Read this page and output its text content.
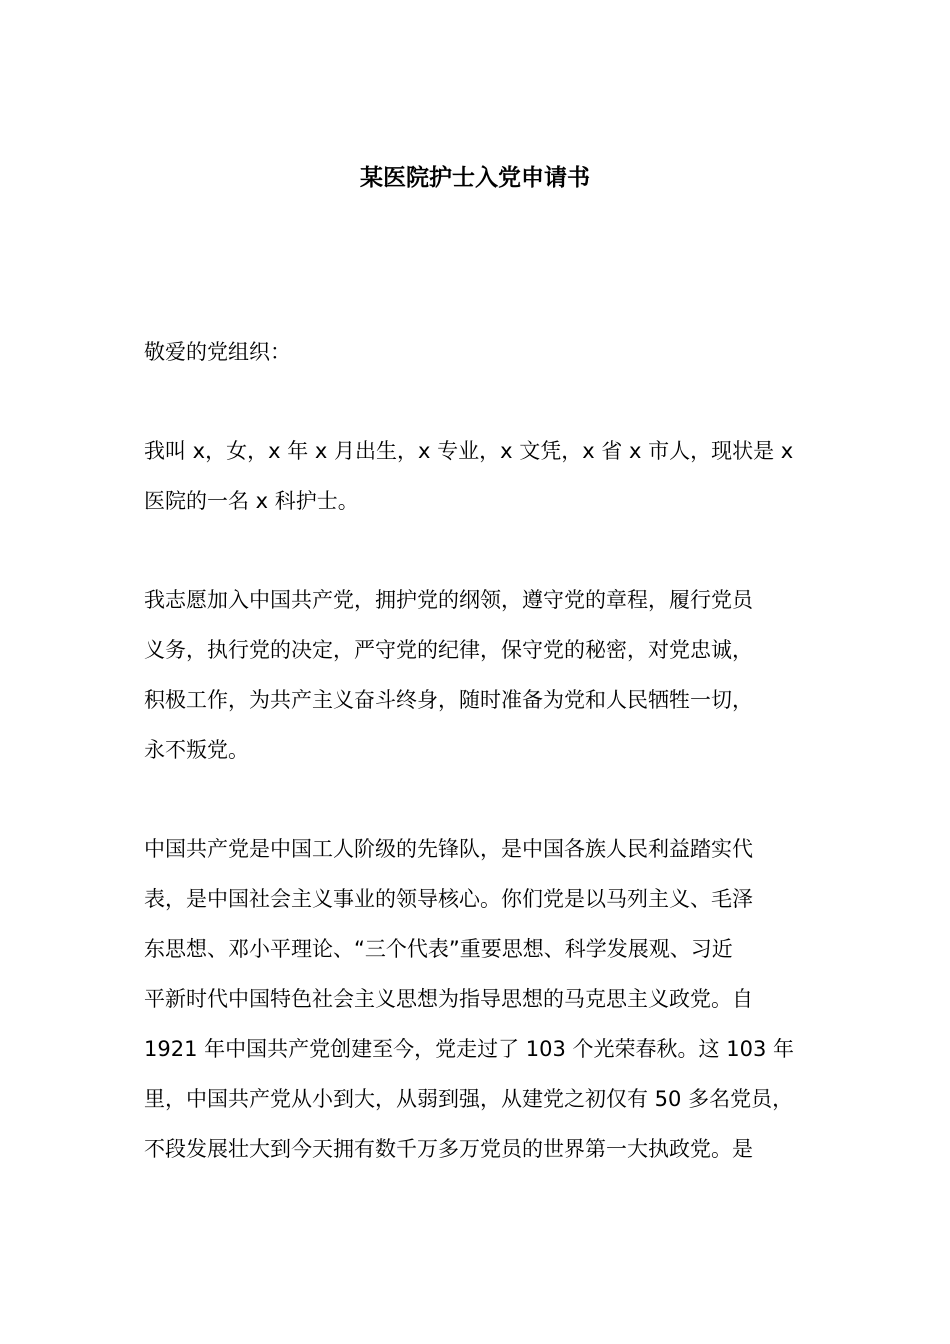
某医院护士入党申请书

敬爱的党组织：

我叫 x，女，x 年 x 月出生，x 专业，x 文凭，x 省 x 市人，现状是 x

医院的一名 x 科护士。

我志愿加入中国共产党，拥护党的纲领，遵守党的章程，履行党员

义务，执行党的决定，严守党的纪律，保守党的秘密，对党忠诚，

积极工作，为共产主义奋斗终身，随时准备为党和人民牺牲一切，

永不叛党。

中国共产党是中国工人阶级的先锋队，是中国各族人民利益踏实代

表，是中国社会主义事业的领导核心。你们党是以马列主义、毛泽

东思想、邓小平理论、“三个代表”重要思想、科学发展观、习近

平新时代中国特色社会主义思想为指导思想的马克思主义政党。自

1921 年中国共产党创建至今，党走过了 103 个光荣春秋。这 103 年

里，中国共产党从小到大，从弱到强，从建党之初仅有 50 多名党员，

不段发展壮大到今天拥有数千万多万党员的世界第一大执政党。是
